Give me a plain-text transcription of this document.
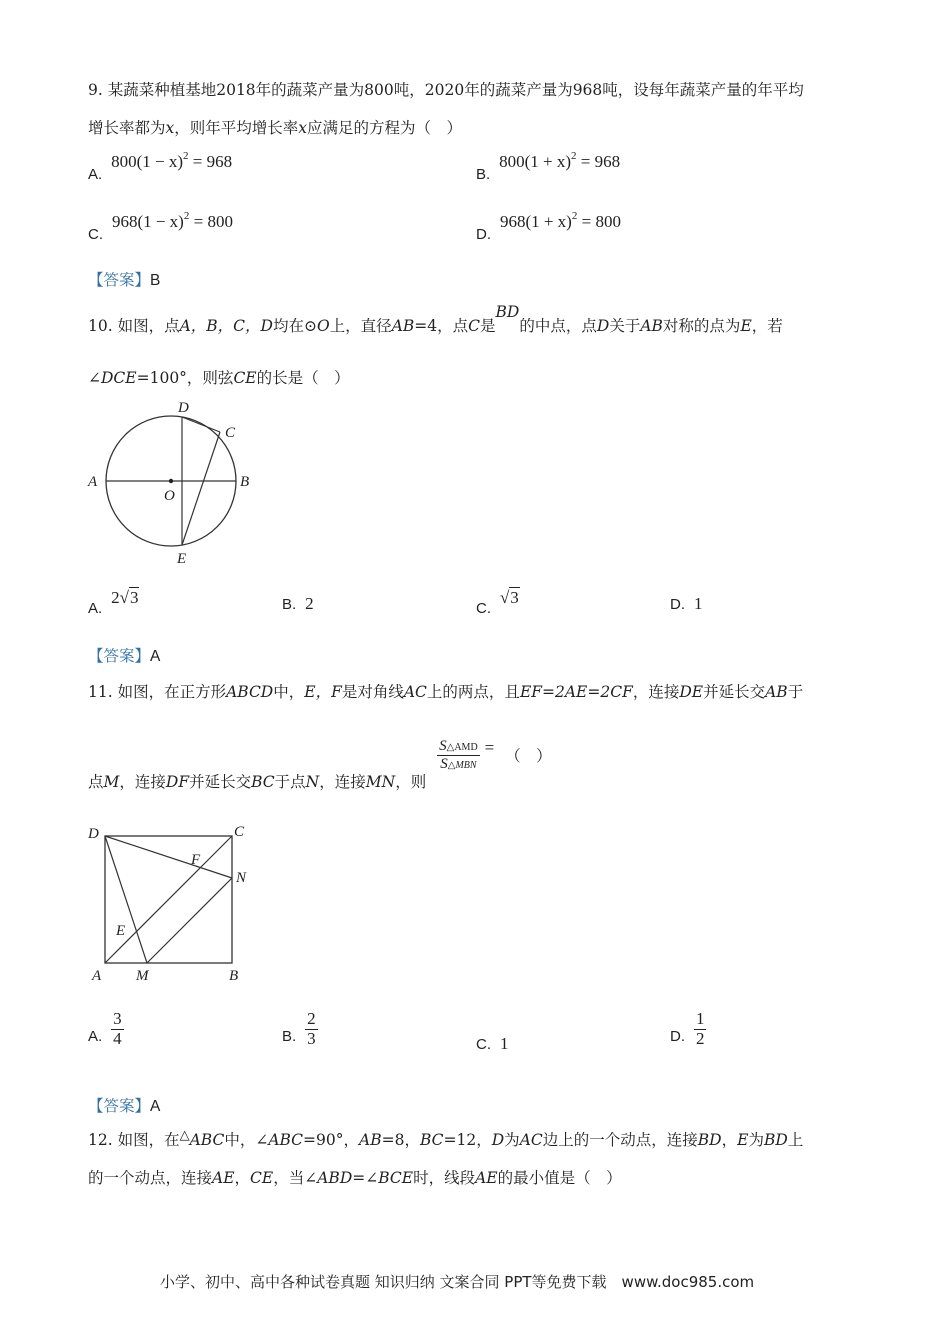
9. 某蔬菜种植基地2018年的蔬菜产量为800吨，2020年的蔬菜产量为968吨，设每年蔬菜产量的年平均
增长率都为x，则年平均增长率x应满足的方程为（　）
A. $800(1 - x)^2 = 968$
B. $800(1 + x)^2 = 968$
C. $968(1 - x)^2 = 800$
D. $968(1 + x)^2 = 800$
【答案】B
10. 如图，点A，B，C，D均在⊙O上，直径AB=4，点C是BD的中点，点D关于AB对称的点为E，若
∠DCE=100°，则弦CE的长是（　）
A	B
C
D
E
O
A. 2√3	B. 2	C. √3	D. 1
【答案】A
11. 如图，在正方形ABCD中，E，F是对角线AC上的两点，且EF=2AE=2CF，连接DE并延长交AB于
点M，连接DF并延长交BC于点N，连接MN，则
$\frac{\text{S△AMD}}{\text{S△MBN}}$ = （　）
D	C
A	B
E
F
M
N
A. $\frac{3}{4}$	B. $\frac{2}{3}$	C. 1	D. $\frac{1}{2}$
【答案】A
12. 如图，在△ABC中，∠ABC=90°，AB=8，BC=12，D为AC边上的一个动点，连接BD，E为BD上
的一个动点，连接AE，CE，当∠ABD=∠BCE时，线段AE的最小值是（　）
小学、初中、高中各种试卷真题 知识归纳 文案合同 PPT等免费下载　www.doc985.com
